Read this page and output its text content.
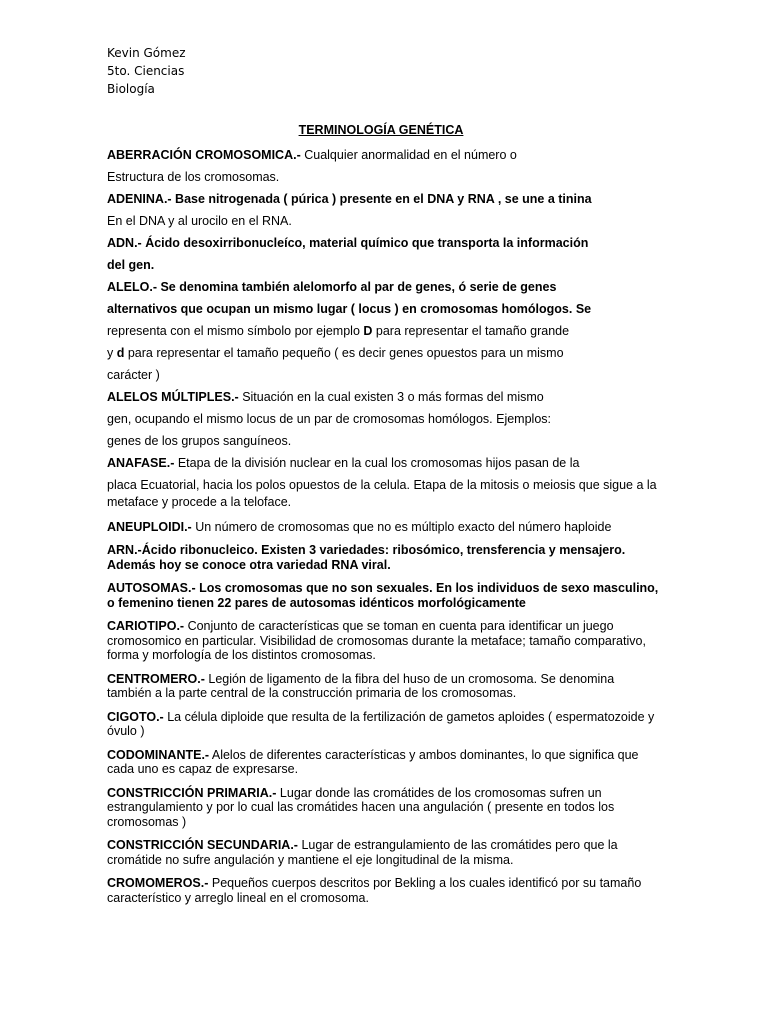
Kevin Gómez
5to. Ciencias
Biología
TERMINOLOGÍA GENÉTICA
ABERRACIÓN CROMOSOMICA.- Cualquier anormalidad en el número o
Estructura de los cromosomas.
ADENINA.- Base nitrogenada ( púrica ) presente en el DNA y RNA , se une a tinina
En el DNA y al urocilo en el RNA.
ADN.- Ácido desoxirribonucleíco, material químico que transporta la información
del gen.
ALELO.- Se denomina también alelomorfo al par de genes, ó serie de genes
alternativos que ocupan un mismo lugar ( locus ) en cromosomas homólogos. Se
representa con el mismo símbolo por ejemplo D para representar el tamaño grande
y d para representar el tamaño pequeño ( es decir genes opuestos para un mismo
carácter )
ALELOS MÚLTIPLES.- Situación en la cual existen 3 o más formas del mismo
gen, ocupando el mismo locus de un par de cromosomas homólogos. Ejemplos:
genes de los grupos sanguíneos.
ANAFASE.- Etapa de la división nuclear en la cual los cromosomas hijos pasan de la
placa Ecuatorial, hacia los polos opuestos de la celula. Etapa de la mitosis o meiosis que sigue a la
metaface y procede a la teloface.
ANEUPLOIDI.- Un número de cromosomas que no es múltiplo exacto del número haploide
ARN.-Ácido ribonucleico. Existen 3 variedades: ribosómico, trensferencia y mensajero.
Además hoy se conoce otra variedad RNA viral.
AUTOSOMAS.- Los cromosomas que no son sexuales. En los individuos de sexo masculino,
o femenino tienen 22 pares de autosomas idénticos morfológicamente
CARIOTIPO.- Conjunto de características que se toman en cuenta para identificar un juego
cromosomico en particular. Visibilidad de cromosomas durante la metaface; tamaño comparativo,
forma y morfología de los distintos cromosomas.
CENTROMERO.- Legión de ligamento de la fibra del huso de un cromosoma. Se denomina
también a la parte central de la construcción primaria de los cromosomas.
CIGOTO.- La célula diploide que resulta de la fertilización de gametos aploides ( espermatozoide y
óvulo )
CODOMINANTE.- Alelos de diferentes características y ambos dominantes, lo que significa que
cada uno es capaz de expresarse.
CONSTRICCIÓN PRIMARIA.- Lugar donde las cromátides de los cromosomas sufren un
estrangulamiento y por lo cual las cromátides hacen una angulación ( presente en todos los
cromosomas )
CONSTRICCIÓN SECUNDARIA.- Lugar de estrangulamiento de las cromátides pero que la
cromátide no sufre angulación y mantiene el eje longitudinal de la misma.
CROMOMEROS.- Pequeños cuerpos descritos por Bekling a los cuales identificó por su tamaño
característico y arreglo lineal en el cromosoma.
